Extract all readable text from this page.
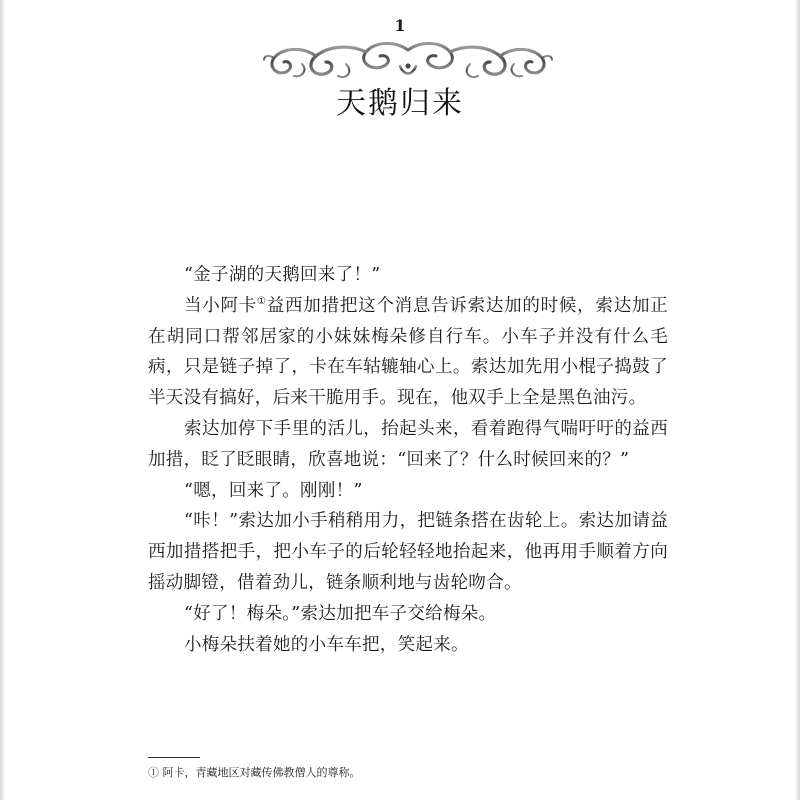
1
天鹅归来

“金子湖的天鹅回来了！”

当小阿卡①益西加措把这个消息告诉索达加的时候，索达加正在胡同口帮邻居家的小妹妹梅朵修自行车。小车子并没有什么毛病，只是链子掉了，卡在车轱辘轴心上。索达加先用小棍子捣鼓了半天没有搞好，后来干脆用手。现在，他双手上全是黑色油污。

索达加停下手里的活儿，抬起头来，看着跑得气喘吁吁的益西加措，眨了眨眼睛，欣喜地说：“回来了？什么时候回来的？”

“嗯，回来了。刚刚！”

“咔！”索达加小手稍稍用力，把链条搭在齿轮上。索达加请益西加措搭把手，把小车子的后轮轻轻地抬起来，他再用手顺着方向摇动脚镫，借着劲儿，链条顺利地与齿轮吻合。

“好了！梅朵。”索达加把车子交给梅朵。

小梅朵扶着她的小车车把，笑起来。

① 阿卡，青藏地区对藏传佛教僧人的尊称。
